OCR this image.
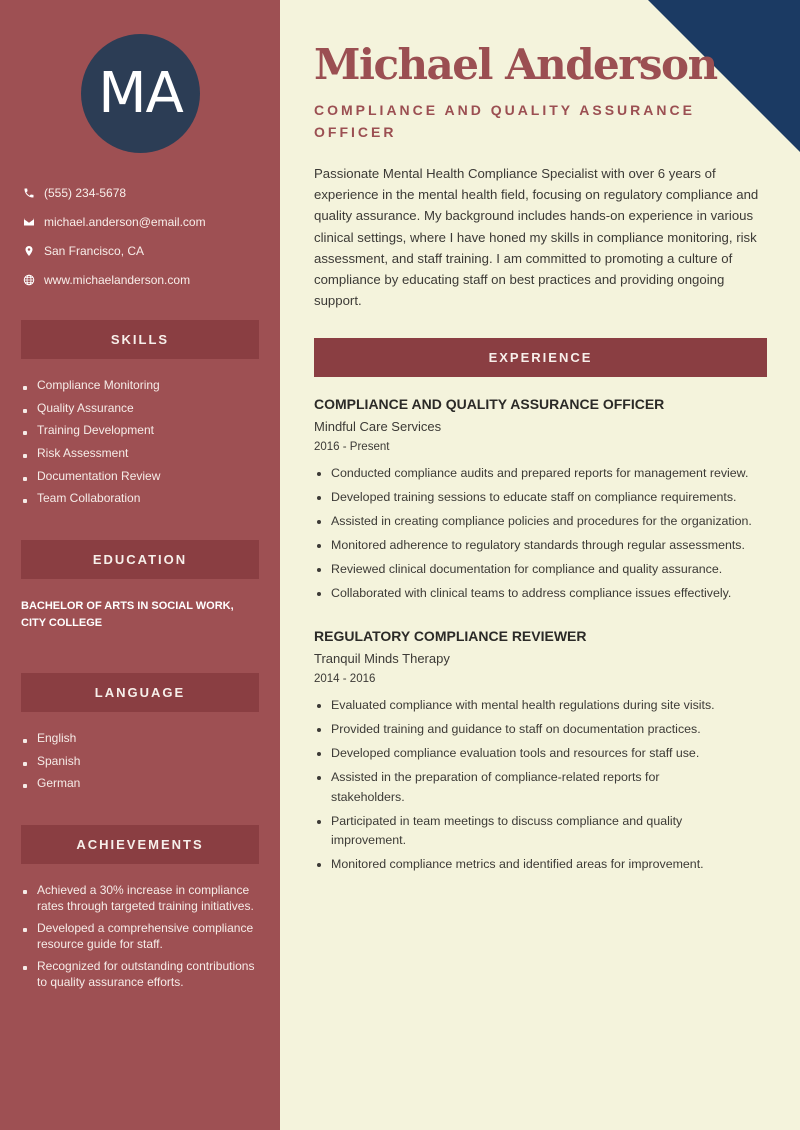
MA
(555) 234-5678
michael.anderson@email.com
San Francisco, CA
www.michaelanderson.com
SKILLS
Compliance Monitoring
Quality Assurance
Training Development
Risk Assessment
Documentation Review
Team Collaboration
EDUCATION
BACHELOR OF ARTS IN SOCIAL WORK, CITY COLLEGE
LANGUAGE
English
Spanish
German
ACHIEVEMENTS
Achieved a 30% increase in compliance rates through targeted training initiatives.
Developed a comprehensive compliance resource guide for staff.
Recognized for outstanding contributions to quality assurance efforts.
Michael Anderson
COMPLIANCE AND QUALITY ASSURANCE OFFICER

Passionate Mental Health Compliance Specialist with over 6 years of experience in the mental health field, focusing on regulatory compliance and quality assurance. My background includes hands-on experience in various clinical settings, where I have honed my skills in compliance monitoring, risk assessment, and staff training. I am committed to promoting a culture of compliance by educating staff on best practices and providing ongoing support.

EXPERIENCE
COMPLIANCE AND QUALITY ASSURANCE OFFICER
Mindful Care Services
2016 - Present
Conducted compliance audits and prepared reports for management review.
Developed training sessions to educate staff on compliance requirements.
Assisted in creating compliance policies and procedures for the organization.
Monitored adherence to regulatory standards through regular assessments.
Reviewed clinical documentation for compliance and quality assurance.
Collaborated with clinical teams to address compliance issues effectively.
REGULATORY COMPLIANCE REVIEWER
Tranquil Minds Therapy
2014 - 2016
Evaluated compliance with mental health regulations during site visits.
Provided training and guidance to staff on documentation practices.
Developed compliance evaluation tools and resources for staff use.
Assisted in the preparation of compliance-related reports for stakeholders.
Participated in team meetings to discuss compliance and quality improvement.
Monitored compliance metrics and identified areas for improvement.
